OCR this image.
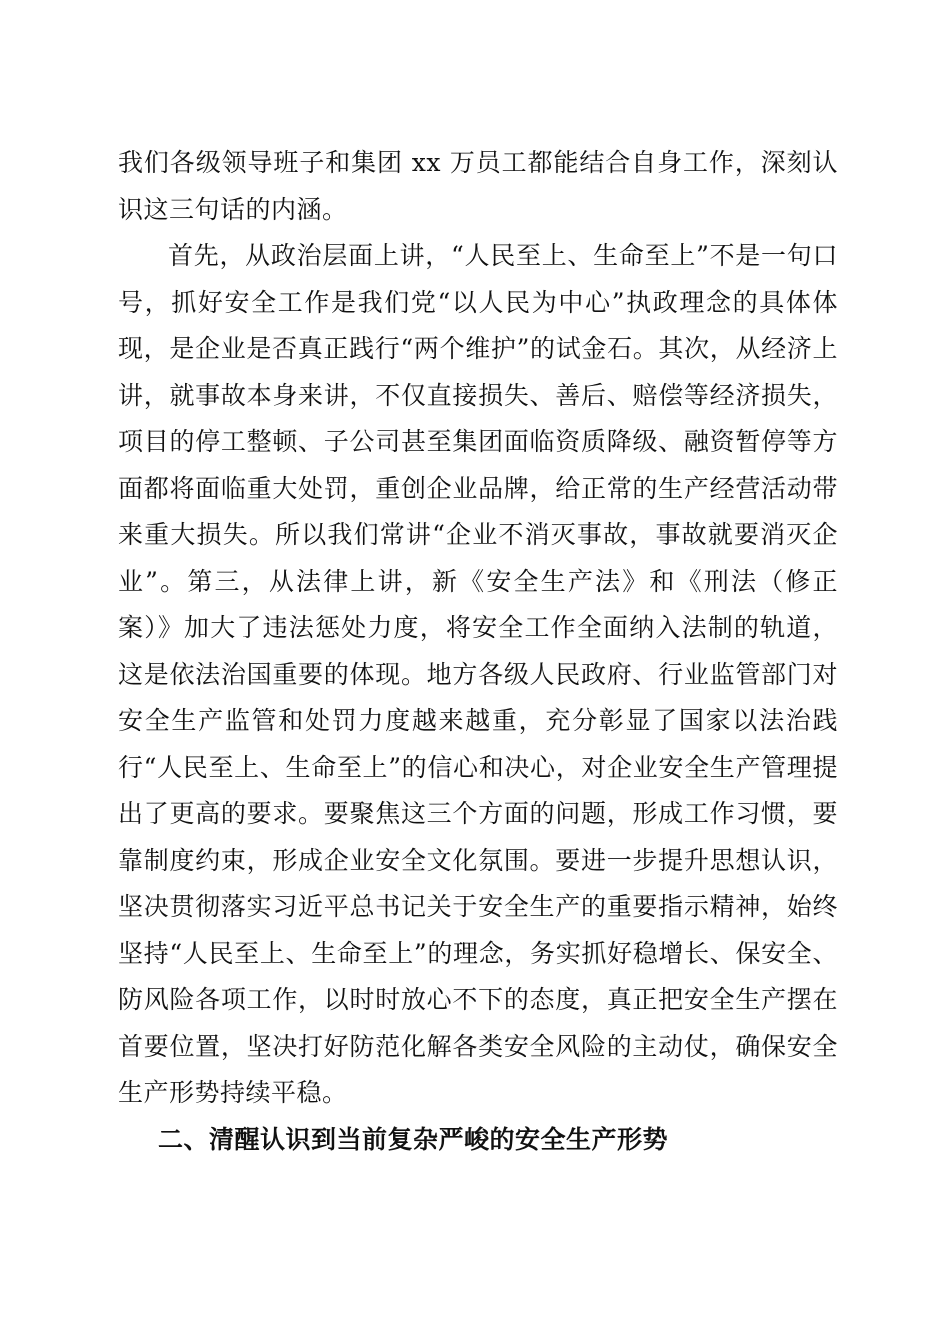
我们各级领导班子和集团 xx 万员工都能结合自身工作，深刻认识这三句话的内涵。

首先，从政治层面上讲，“人民至上、生命至上”不是一句口号，抓好安全工作是我们党“以人民为中心”执政理念的具体体现，是企业是否真正践行“两个维护”的试金石。其次，从经济上讲，就事故本身来讲，不仅直接损失、善后、赔偿等经济损失，项目的停工整顿、子公司甚至集团面临资质降级、融资暂停等方面都将面临重大处罚，重创企业品牌，给正常的生产经营活动带来重大损失。所以我们常讲“企业不消灭事故，事故就要消灭企业”。第三，从法律上讲，新《安全生产法》和《刑法（修正案）》加大了违法惩处力度，将安全工作全面纳入法制的轨道，这是依法治国重要的体现。地方各级人民政府、行业监管部门对安全生产监管和处罚力度越来越重，充分彰显了国家以法治践行“人民至上、生命至上”的信心和决心，对企业安全生产管理提出了更高的要求。要聚焦这三个方面的问题，形成工作习惯，要靠制度约束，形成企业安全文化氛围。要进一步提升思想认识，坚决贯彻落实习近平总书记关于安全生产的重要指示精神，始终坚持“人民至上、生命至上”的理念，务实抓好稳增长、保安全、防风险各项工作，以时时放心不下的态度，真正把安全生产摆在首要位置，坚决打好防范化解各类安全风险的主动仗，确保安全生产形势持续平稳。

二、清醒认识到当前复杂严峻的安全生产形势
